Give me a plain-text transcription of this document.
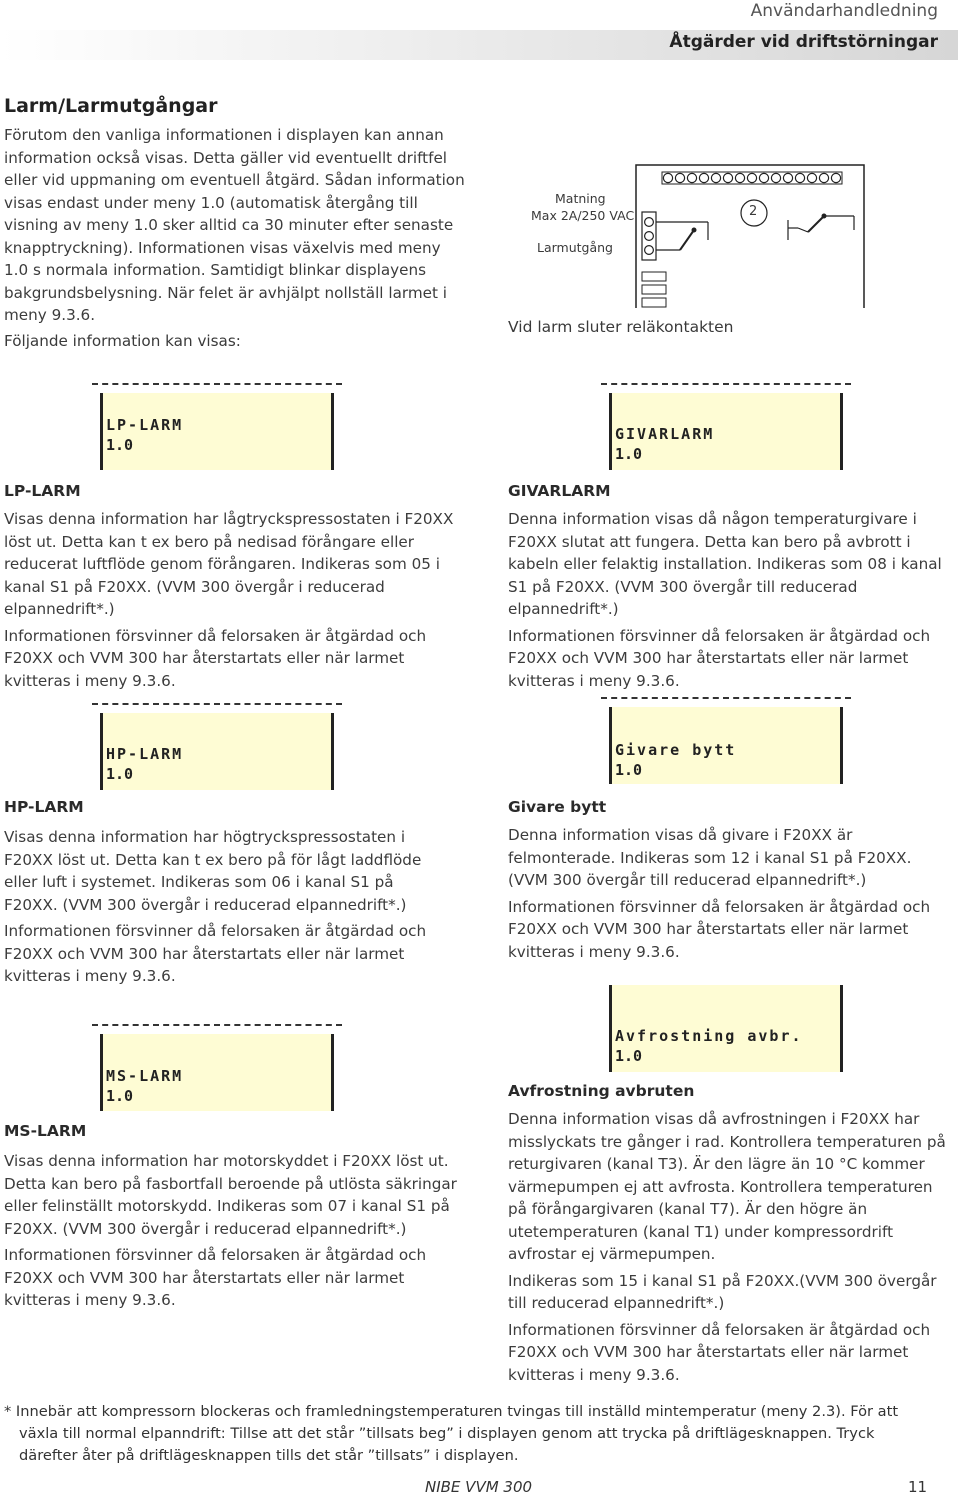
Användarhandledning
Åtgärder vid driftstörningar
Larm/Larmutgångar
Förutom den vanliga informationen i displayen kan annan information också visas. Detta gäller vid eventuellt driftfel eller vid uppmaning om eventuell åtgärd. Sådan information visas endast under meny 1.0 (automatisk återgång till visning av meny 1.0 sker alltid ca 30 minuter efter senaste knapptryckning). Informationen visas växelvis med meny 1.0 s normala information. Samtidigt blinkar displayens bakgrundsbelysning. När felet är avhjälpt nollställ larmet i meny 9.3.6.
Följande information kan visas:
Matning
Max 2A/250 VAC
Larmutgång
2
Vid larm sluter reläkontakten
LP-LARM
1.0
LP-LARM

Visas denna information har lågtryckspressostaten i F20XX löst ut. Detta kan t ex bero på nedisad förångare eller reducerat luftflöde genom förångaren. Indikeras som 05 i kanal S1 på F20XX. (VVM 300 övergår i reducerad elpannedrift*.)

Informationen försvinner då felorsaken är åtgärdad och F20XX och VVM 300 har återstartats eller när larmet kvitteras i meny 9.3.6.

GIVARLARM
1.0
GIVARLARM

Denna information visas då någon temperaturgivare i F20XX slutat att fungera. Detta kan bero på avbrott i kabeln eller felaktig installation. Indikeras som 08 i kanal S1 på F20XX. (VVM 300 övergår till reducerad elpannedrift*.)

Informationen försvinner då felorsaken är åtgärdad och F20XX och VVM 300 har återstartats eller när larmet kvitteras i meny 9.3.6.

HP-LARM
1.0
HP-LARM

Visas denna information har högtryckspressostaten i F20XX löst ut. Detta kan t ex bero på för lågt laddflöde eller luft i systemet. Indikeras som 06 i kanal S1 på F20XX. (VVM 300 övergår i reducerad elpannedrift*.)

Informationen försvinner då felorsaken är åtgärdad och F20XX och VVM 300 har återstartats eller när larmet kvitteras i meny 9.3.6.

Givare bytt
1.0
Givare bytt

Denna information visas då givare i F20XX är felmonterade. Indikeras som 12 i kanal S1 på F20XX. (VVM 300 övergår till reducerad elpannedrift*.)

Informationen försvinner då felorsaken är åtgärdad och F20XX och VVM 300 har återstartats eller när larmet kvitteras i meny 9.3.6.

MS-LARM
1.0
MS-LARM

Visas denna information har motorskyddet i F20XX löst ut. Detta kan bero på fasbortfall beroende på utlösta säkringar eller felinställt motorskydd. Indikeras som 07 i kanal S1 på F20XX. (VVM 300 övergår i reducerad elpannedrift*.)

Informationen försvinner då felorsaken är åtgärdad och F20XX och VVM 300 har återstartats eller när larmet kvitteras i meny 9.3.6.

Avfrostning avbr.
1.0
Avfrostning avbruten

Denna information visas då avfrostningen i F20XX har misslyckats tre gånger i rad. Kontrollera temperaturen på returgivaren (kanal T3). Är den lägre än 10 °C kommer värmepumpen ej att avfrosta. Kontrollera temperaturen på förångargivaren (kanal T7). Är den högre än utetemperaturen (kanal T1) under kompressordrift avfrostar ej värmepumpen.

Indikeras som 15 i kanal S1 på F20XX.(VVM 300 övergår till reducerad elpannedrift*.)

Informationen försvinner då felorsaken är åtgärdad och F20XX och VVM 300 har återstartats eller när larmet kvitteras i meny 9.3.6.

* Innebär att kompressorn blockeras och framledningstemperaturen tvingas till inställd mintemperatur (meny 2.3). För att
växla till normal elpanndrift: Tillse att det står ”tillsats beg” i displayen genom att trycka på driftlägesknappen. Tryck
därefter åter på driftlägesknappen tills det står ”tillsats” i displayen.
NIBE VVM 300	11
